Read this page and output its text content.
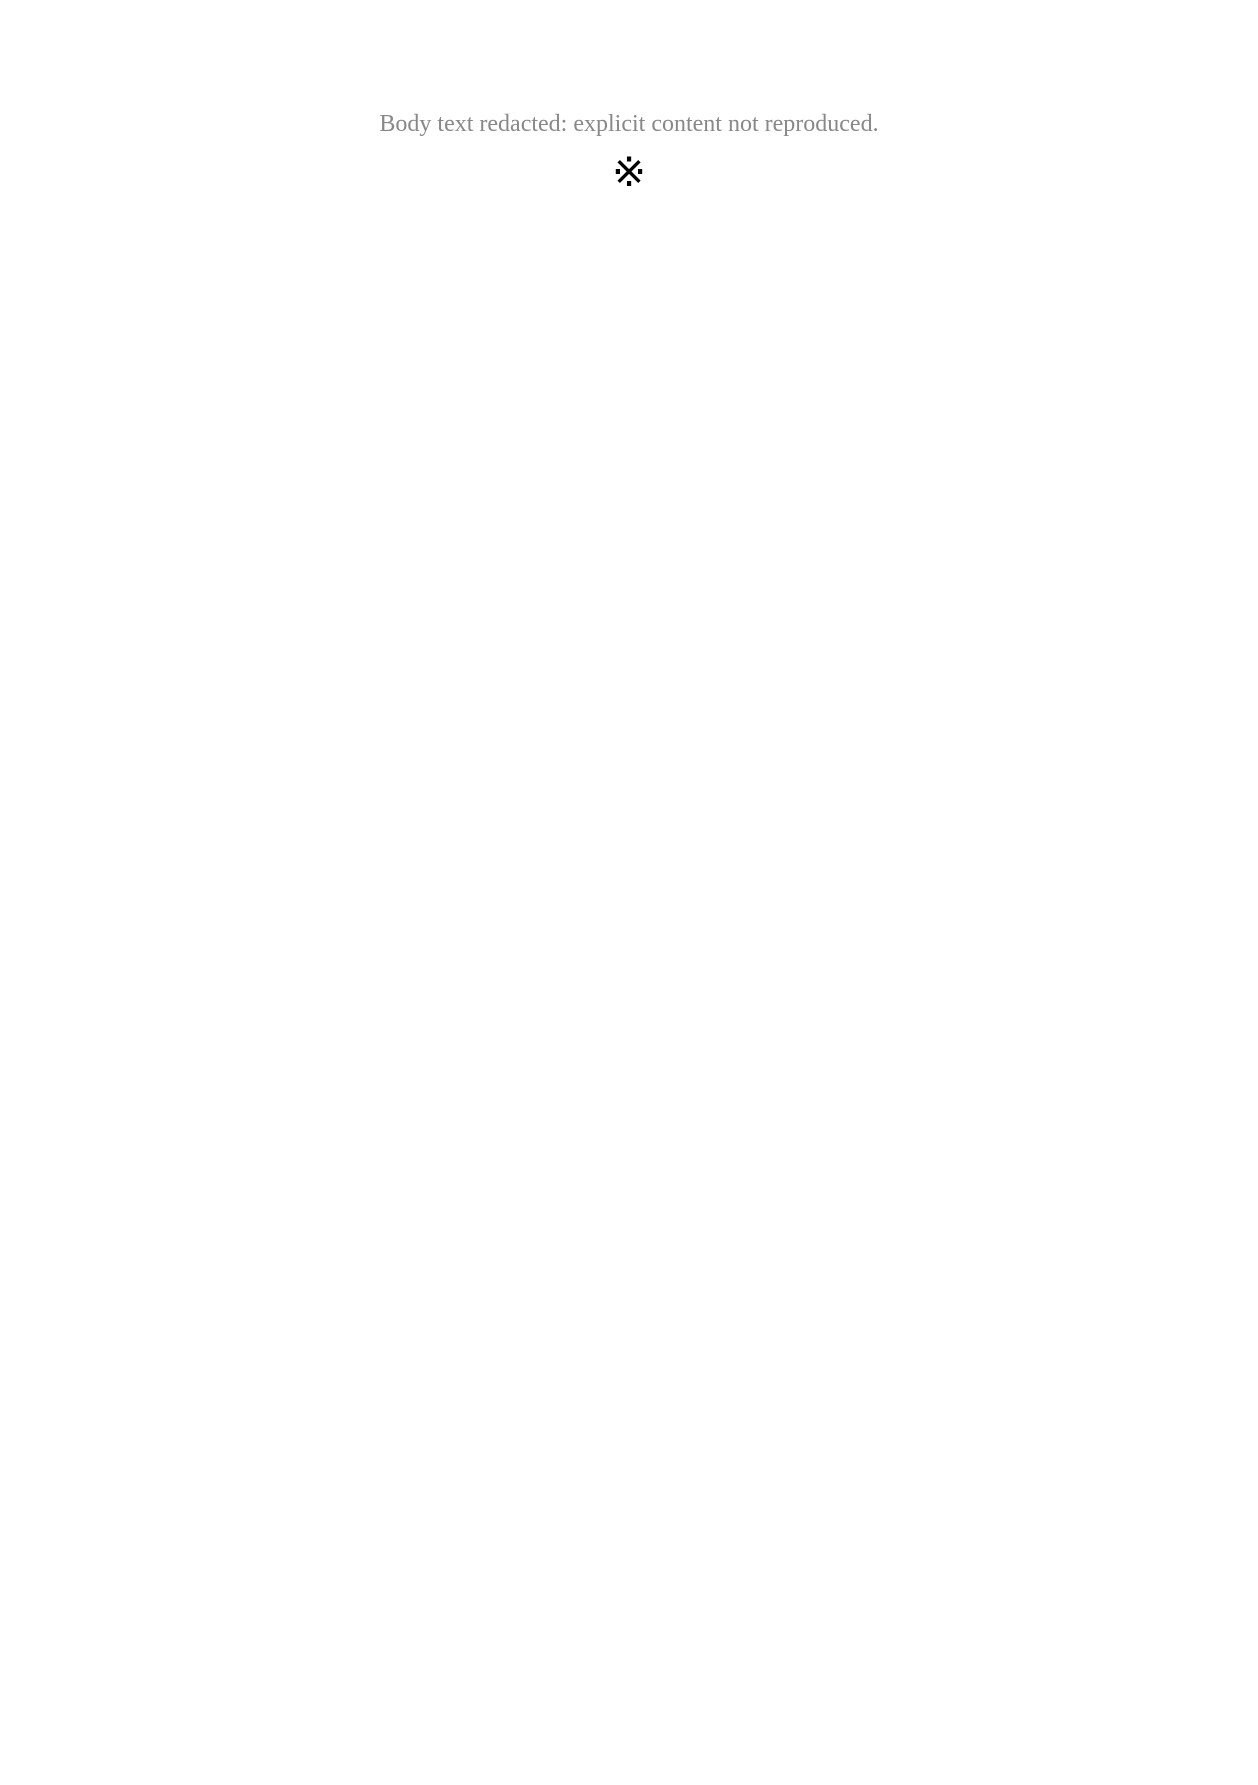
Body text redacted: explicit content not reproduced.

※
